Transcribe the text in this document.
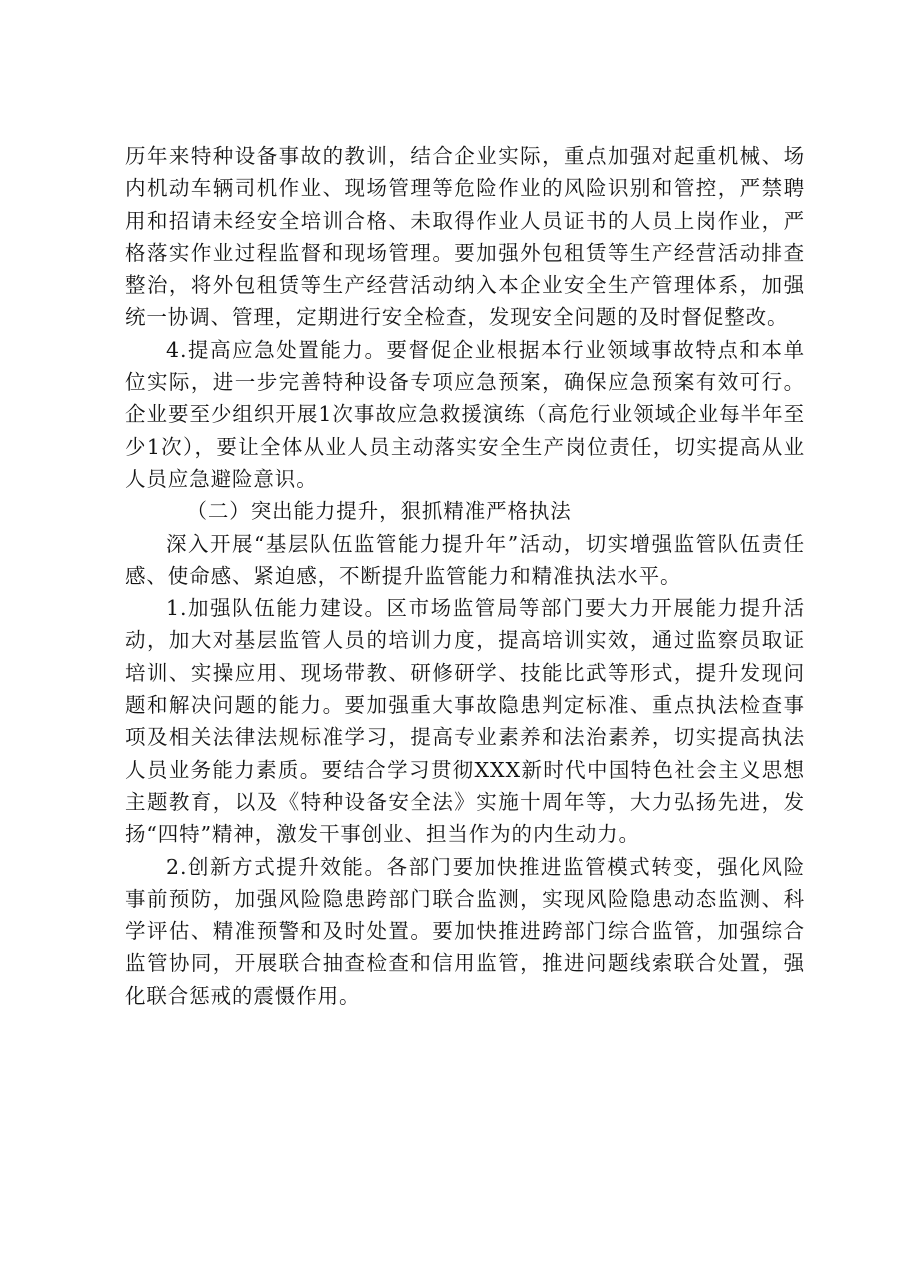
历年来特种设备事故的教训，结合企业实际，重点加强对起重机械、场内机动车辆司机作业、现场管理等危险作业的风险识别和管控，严禁聘用和招请未经安全培训合格、未取得作业人员证书的人员上岗作业，严格落实作业过程监督和现场管理。要加强外包租赁等生产经营活动排查整治，将外包租赁等生产经营活动纳入本企业安全生产管理体系，加强统一协调、管理，定期进行安全检查，发现安全问题的及时督促整改。

4.提高应急处置能力。要督促企业根据本行业领域事故特点和本单位实际，进一步完善特种设备专项应急预案，确保应急预案有效可行。企业要至少组织开展1次事故应急救援演练（高危行业领域企业每半年至少1次），要让全体从业人员主动落实安全生产岗位责任，切实提高从业人员应急避险意识。

（二）突出能力提升，狠抓精准严格执法

深入开展“基层队伍监管能力提升年”活动，切实增强监管队伍责任感、使命感、紧迫感，不断提升监管能力和精准执法水平。

1.加强队伍能力建设。区市场监管局等部门要大力开展能力提升活动，加大对基层监管人员的培训力度，提高培训实效，通过监察员取证培训、实操应用、现场带教、研修研学、技能比武等形式，提升发现问题和解决问题的能力。要加强重大事故隐患判定标准、重点执法检查事项及相关法律法规标准学习，提高专业素养和法治素养，切实提高执法人员业务能力素质。要结合学习贯彻XXX新时代中国特色社会主义思想主题教育，以及《特种设备安全法》实施十周年等，大力弘扬先进，发扬“四特”精神，激发干事创业、担当作为的内生动力。

2.创新方式提升效能。各部门要加快推进监管模式转变，强化风险事前预防，加强风险隐患跨部门联合监测，实现风险隐患动态监测、科学评估、精准预警和及时处置。要加快推进跨部门综合监管，加强综合监管协同，开展联合抽查检查和信用监管，推进问题线索联合处置，强化联合惩戒的震慑作用。
